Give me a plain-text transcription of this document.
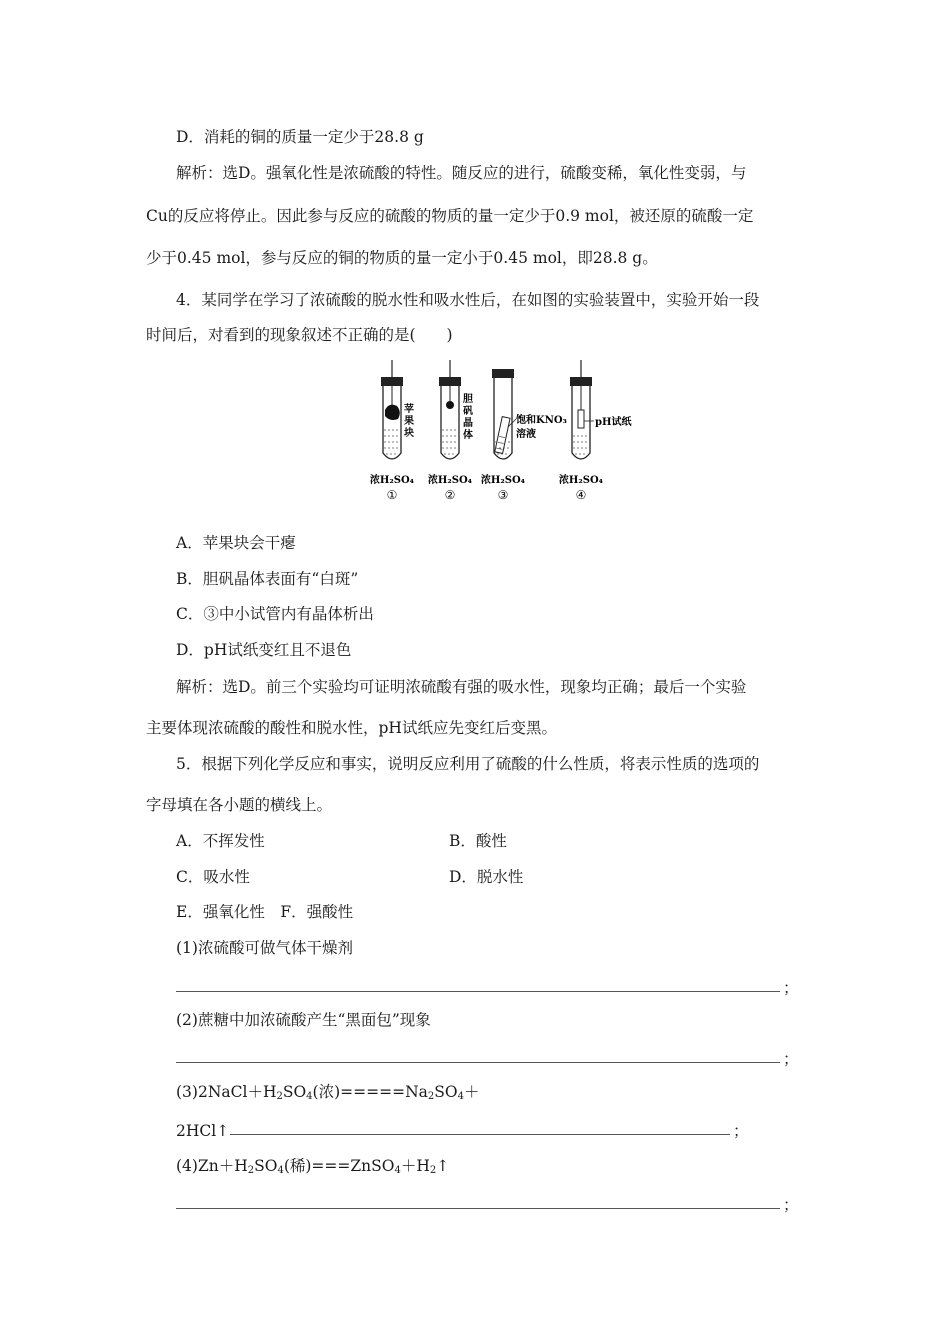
D．消耗的铜的质量一定少于28.8 g
解析：选D。强氧化性是浓硫酸的特性。随反应的进行，硫酸变稀，氧化性变弱，与
Cu的反应将停止。因此参与反应的硫酸的物质的量一定少于0.9 mol，被还原的硫酸一定
少于0.45 mol，参与反应的铜的物质的量一定小于0.45 mol，即28.8 g。
4．某同学在学习了浓硫酸的脱水性和吸水性后，在如图的实验装置中，实验开始一段
时间后，对看到的现象叙述不正确的是(　　)
苹
果
块
胆
矾
晶
体
饱和KNO₃
溶液
pH试纸
浓H₂SO₄ 浓H₂SO₄ 浓H₂SO₄	浓H₂SO₄
①	②	③	④
A．苹果块会干瘪
B．胆矾晶体表面有“白斑”
C．③中小试管内有晶体析出
D．pH试纸变红且不退色
解析：选D。前三个实验均可证明浓硫酸有强的吸水性，现象均正确；最后一个实验
主要体现浓硫酸的酸性和脱水性，pH试纸应先变红后变黑。
5．根据下列化学反应和事实，说明反应利用了硫酸的什么性质，将表示性质的选项的
字母填在各小题的横线上。
A．不挥发性	B．酸性
C．吸水性	D．脱水性
E．强氧化性　F．强酸性
(1)浓硫酸可做气体干燥剂
；
(2)蔗糖中加浓硫酸产生“黑面包”现象
；
$(3)2NaCl+H_2SO_4$(浓)$=====Na_2SO_4+$
2HCl↑	；
$(4)Zn+H_2SO_4$(稀)$===ZnSO_4+H_2↑$
；
